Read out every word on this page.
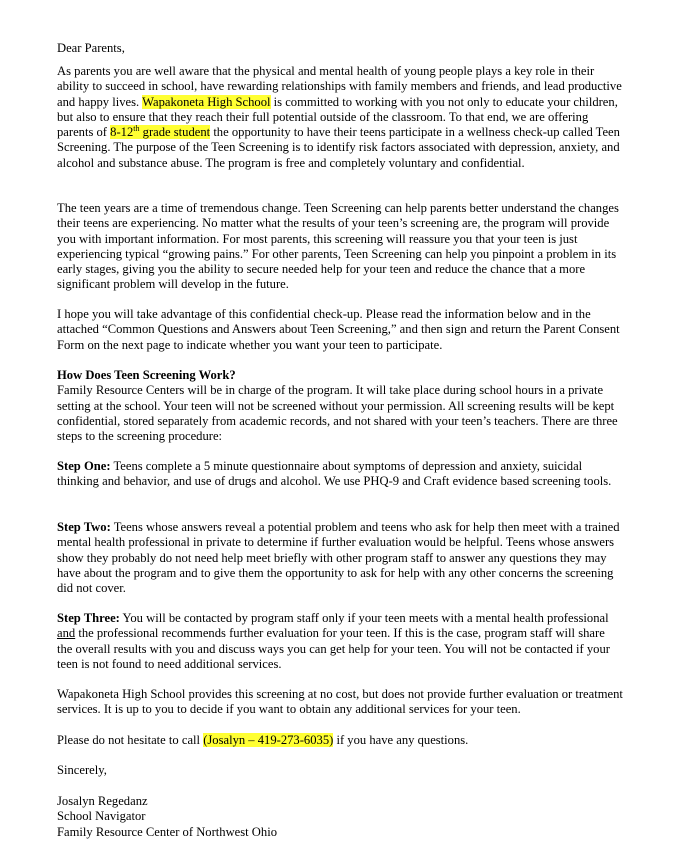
Dear Parents,

As parents you are well aware that the physical and mental health of young people plays a key role in their ability to succeed in school, have rewarding relationships with family members and friends, and lead productive and happy lives. Wapakoneta High School is committed to working with you not only to educate your children, but also to ensure that they reach their full potential outside of the classroom. To that end, we are offering parents of 8-12th grade student the opportunity to have their teens participate in a wellness check-up called Teen Screening. The purpose of the Teen Screening is to identify risk factors associated with depression, anxiety, and alcohol and substance abuse. The program is free and completely voluntary and confidential.

The teen years are a time of tremendous change. Teen Screening can help parents better understand the changes their teens are experiencing. No matter what the results of your teen’s screening are, the program will provide you with important information. For most parents, this screening will reassure you that your teen is just experiencing typical “growing pains.” For other parents, Teen Screening can help you pinpoint a problem in its early stages, giving you the ability to secure needed help for your teen and reduce the chance that a more significant problem will develop in the future.

I hope you will take advantage of this confidential check-up. Please read the information below and in the attached “Common Questions and Answers about Teen Screening,” and then sign and return the Parent Consent Form on the next page to indicate whether you want your teen to participate.

How Does Teen Screening Work?
Family Resource Centers will be in charge of the program. It will take place during school hours in a private setting at the school. Your teen will not be screened without your permission. All screening results will be kept confidential, stored separately from academic records, and not shared with your teen’s teachers. There are three steps to the screening procedure:

Step One: Teens complete a 5 minute questionnaire about symptoms of depression and anxiety, suicidal thinking and behavior, and use of drugs and alcohol. We use PHQ-9 and Craft evidence based screening tools.

Step Two: Teens whose answers reveal a potential problem and teens who ask for help then meet with a trained mental health professional in private to determine if further evaluation would be helpful. Teens whose answers show they probably do not need help meet briefly with other program staff to answer any questions they may have about the program and to give them the opportunity to ask for help with any other concerns the screening did not cover.

Step Three: You will be contacted by program staff only if your teen meets with a mental health professional and the professional recommends further evaluation for your teen. If this is the case, program staff will share the overall results with you and discuss ways you can get help for your teen. You will not be contacted if your teen is not found to need additional services.

Wapakoneta High School provides this screening at no cost, but does not provide further evaluation or treatment services. It is up to you to decide if you want to obtain any additional services for your teen.

Please do not hesitate to call (Josalyn – 419-273-6035) if you have any questions.

Sincerely,

Josalyn Regedanz
School Navigator
Family Resource Center of Northwest Ohio
